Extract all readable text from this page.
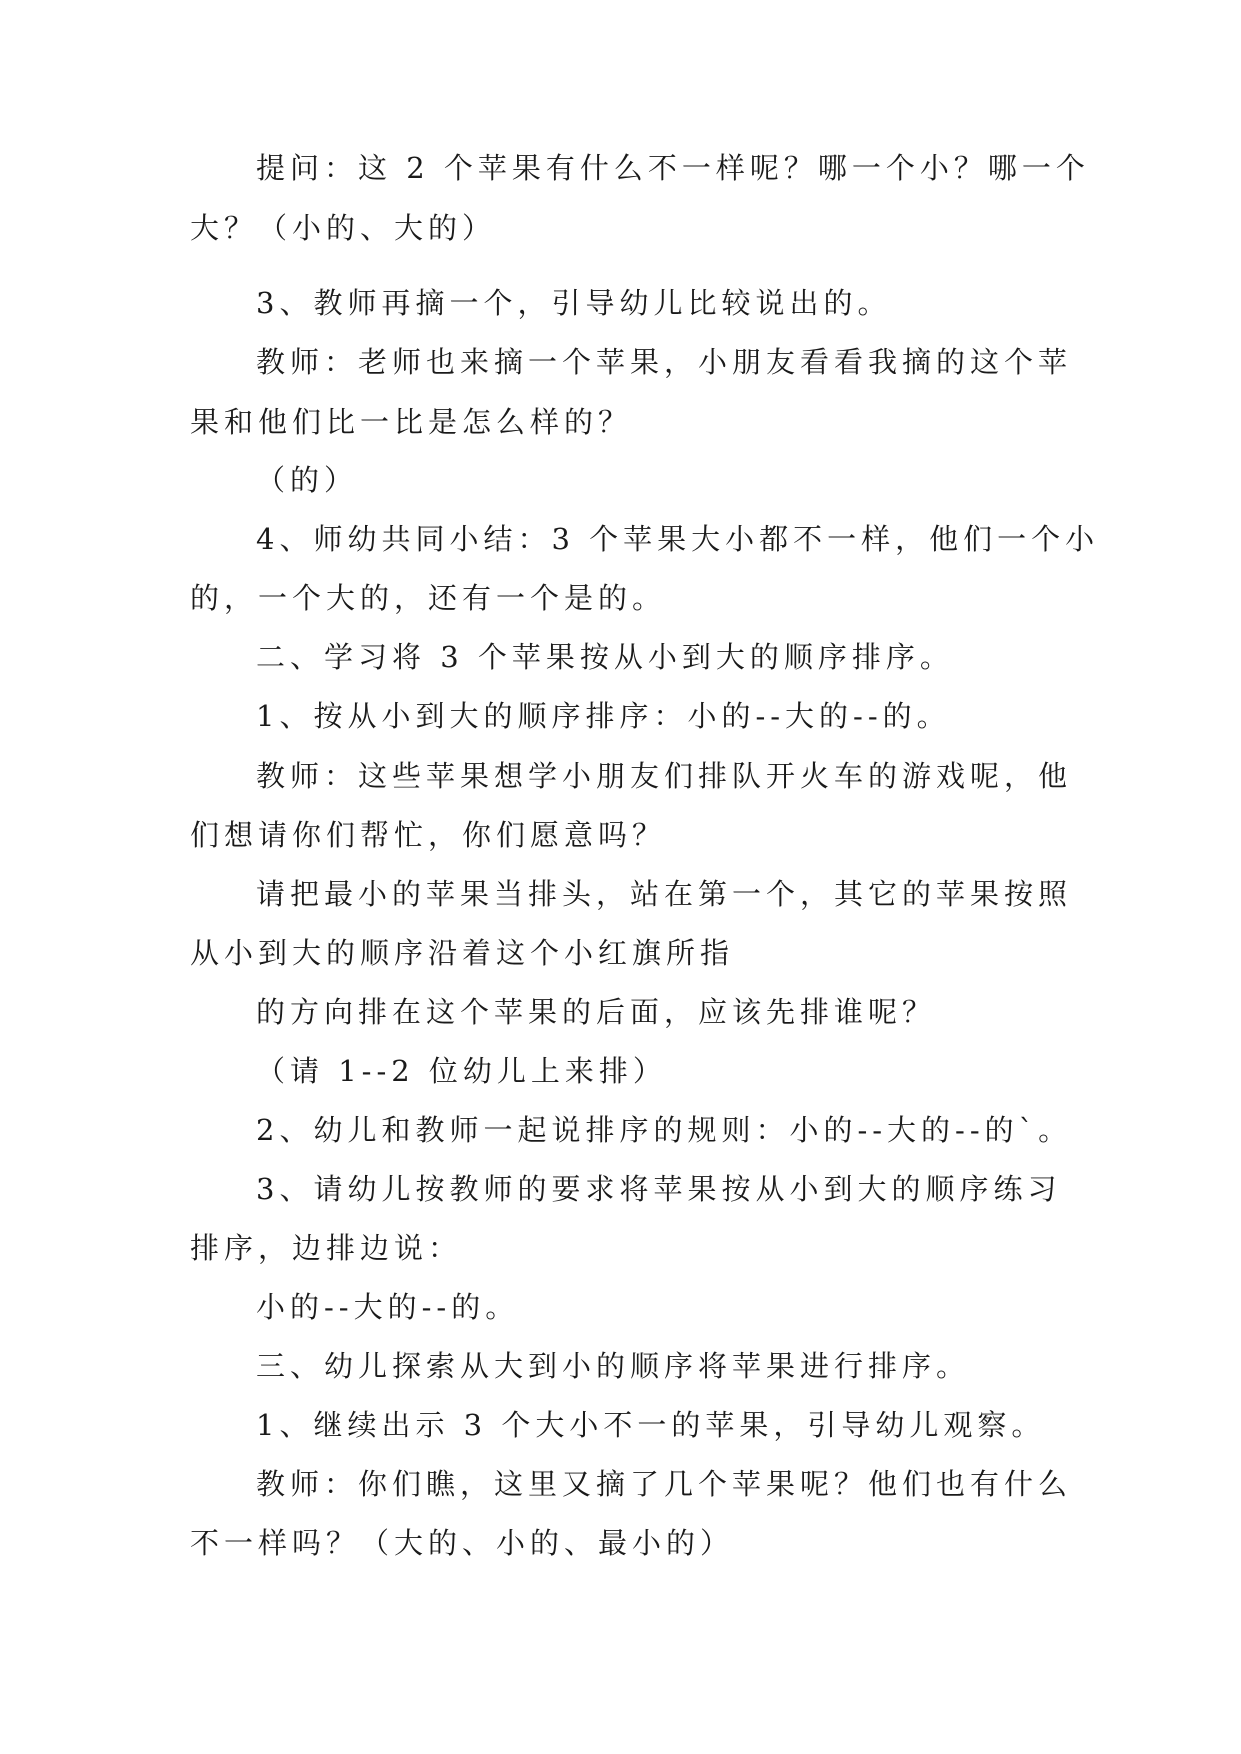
提问：这 2 个苹果有什么不一样呢？哪一个小？哪一个
大？（小的、大的）
3、教师再摘一个，引导幼儿比较说出的。
教师：老师也来摘一个苹果，小朋友看看我摘的这个苹
果和他们比一比是怎么样的？
（的）
4、师幼共同小结：3 个苹果大小都不一样，他们一个小
的，一个大的，还有一个是的。
二、学习将 3 个苹果按从小到大的顺序排序。
1、按从小到大的顺序排序：小的--大的--的。
教师：这些苹果想学小朋友们排队开火车的游戏呢，他
们想请你们帮忙，你们愿意吗？
请把最小的苹果当排头，站在第一个，其它的苹果按照
从小到大的顺序沿着这个小红旗所指
的方向排在这个苹果的后面，应该先排谁呢？
（请 1--2 位幼儿上来排）
2、幼儿和教师一起说排序的规则：小的--大的--的`。
3、请幼儿按教师的要求将苹果按从小到大的顺序练习
排序，边排边说：
小的--大的--的。
三、幼儿探索从大到小的顺序将苹果进行排序。
1、继续出示 3 个大小不一的苹果，引导幼儿观察。
教师：你们瞧，这里又摘了几个苹果呢？他们也有什么
不一样吗？（大的、小的、最小的）
